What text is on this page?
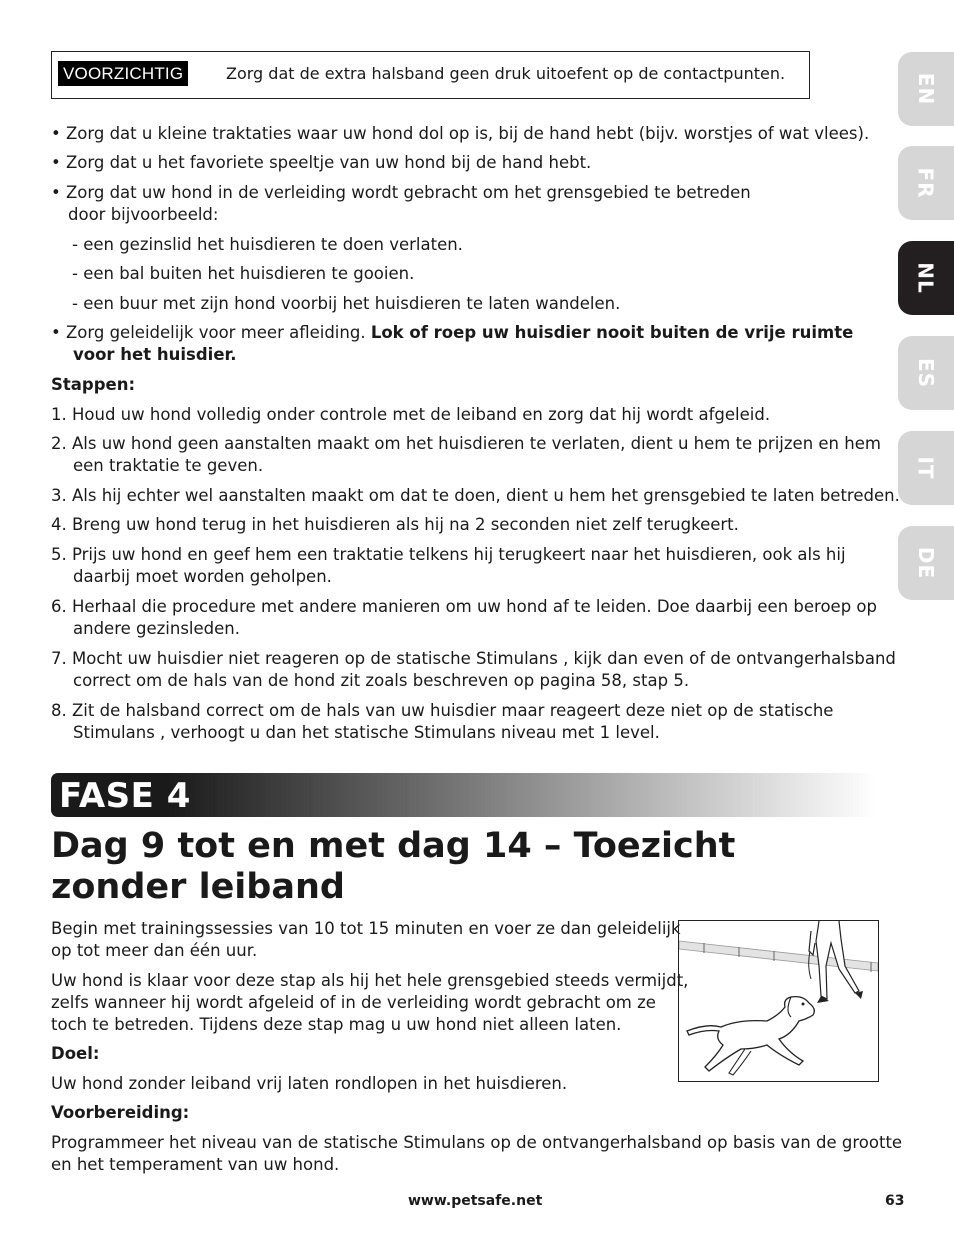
VOORZICHTIG	Zorg dat de extra halsband geen druk uitoefent op de contactpunten.	EN
FR
NL
ES
IT
DE
• Zorg dat u kleine traktaties waar uw hond dol op is, bij de hand hebt (bijv. worstjes of wat vlees).
• Zorg dat u het favoriete speeltje van uw hond bij de hand hebt.
• Zorg dat uw hond in de verleiding wordt gebracht om het grensgebied te betreden
door bijvoorbeeld:
- een gezinslid het huisdieren te doen verlaten.
- een bal buiten het huisdieren te gooien.
- een buur met zijn hond voorbij het huisdieren te laten wandelen.
• Zorg geleidelijk voor meer afleiding. Lok of roep uw huisdier nooit buiten de vrije ruimte
voor het huisdier.
Stappen:
1. Houd uw hond volledig onder controle met de leiband en zorg dat hij wordt afgeleid.
2. Als uw hond geen aanstalten maakt om het huisdieren te verlaten, dient u hem te prijzen en hem
een traktatie te geven.
3. Als hij echter wel aanstalten maakt om dat te doen, dient u hem het grensgebied te laten betreden.
4. Breng uw hond terug in het huisdieren als hij na 2 seconden niet zelf terugkeert.
5. Prijs uw hond en geef hem een traktatie telkens hij terugkeert naar het huisdieren, ook als hij
daarbij moet worden geholpen.
6. Herhaal die procedure met andere manieren om uw hond af te leiden. Doe daarbij een beroep op
andere gezinsleden.
7. Mocht uw huisdier niet reageren op de statische Stimulans , kijk dan even of de ontvangerhalsband
correct om de hals van de hond zit zoals beschreven op pagina 58, stap 5.
8. Zit de halsband correct om de hals van uw huisdier maar reageert deze niet op de statische
Stimulans , verhoogt u dan het statische Stimulans niveau met 1 level.
FASE 4
Dag 9 tot en met dag 14 – Toezicht
zonder leiband
Begin met trainingssessies van 10 tot 15 minuten en voer ze dan geleidelijk
op tot meer dan één uur.
Uw hond is klaar voor deze stap als hij het hele grensgebied steeds vermijdt,
zelfs wanneer hij wordt afgeleid of in de verleiding wordt gebracht om ze
toch te betreden. Tijdens deze stap mag u uw hond niet alleen laten.
Doel:
Uw hond zonder leiband vrij laten rondlopen in het huisdieren.
Voorbereiding:
Programmeer het niveau van de statische Stimulans op de ontvangerhalsband op basis van de grootte
en het temperament van uw hond.
www.petsafe.net	63
